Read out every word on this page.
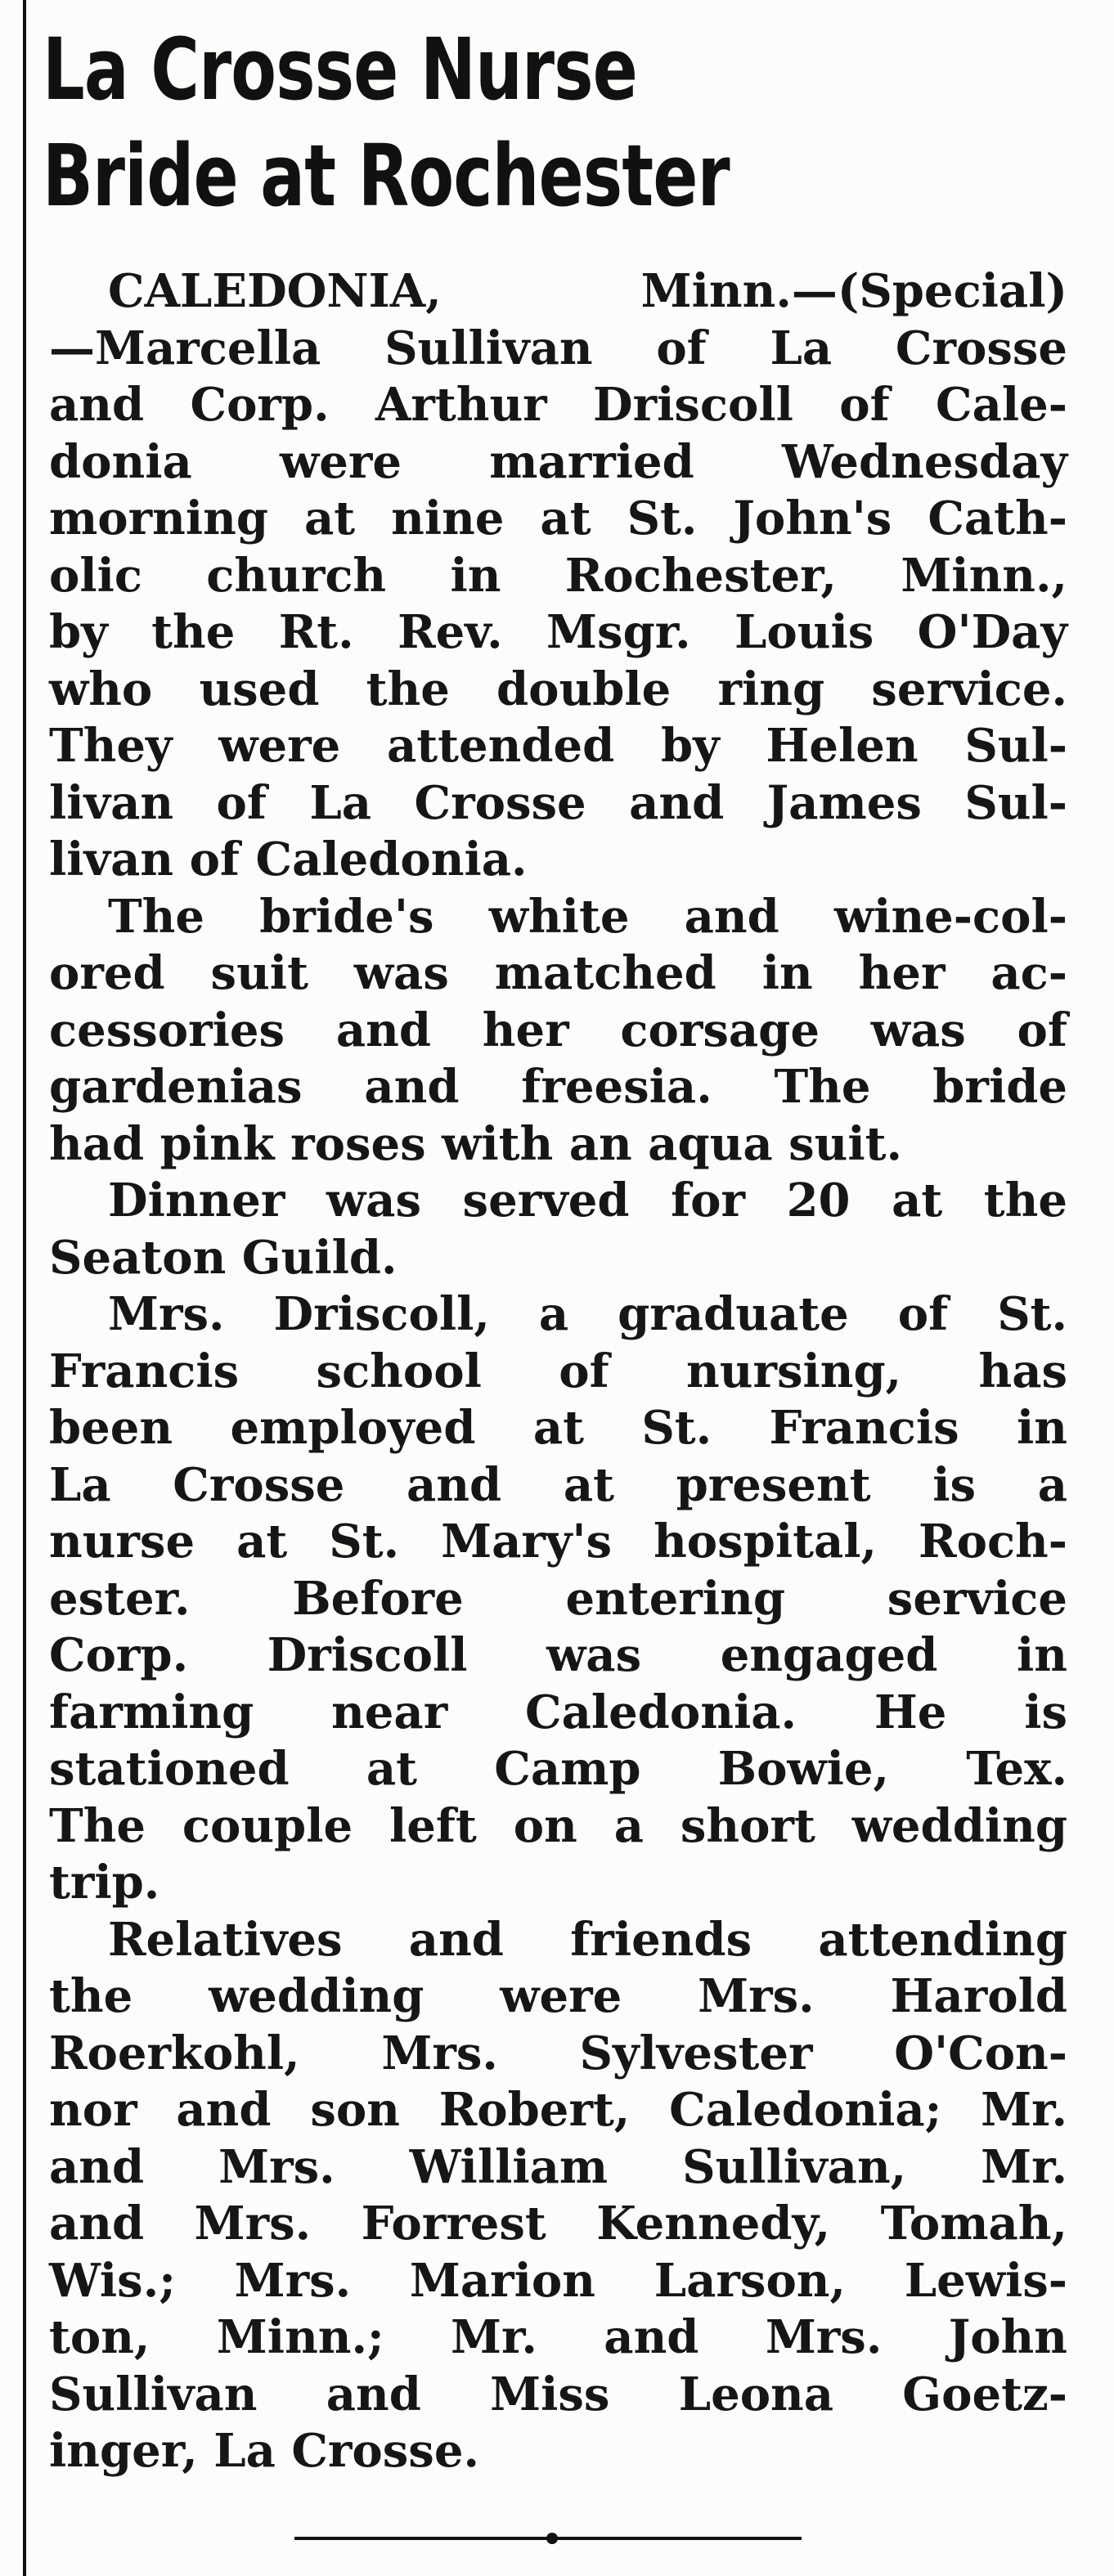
La Crosse Nurse
Bride at Rochester
CALEDONIA, Minn.—(Special)
—Marcella Sullivan of La Crosse
and Corp. Arthur Driscoll of Cale-
donia were married Wednesday
morning at nine at St. John's Cath-
olic church in Rochester, Minn.,
by the Rt. Rev. Msgr. Louis O'Day
who used the double ring service.
They were attended by Helen Sul-
livan of La Crosse and James Sul-
livan of Caledonia.
The bride's white and wine-col-
ored suit was matched in her ac-
cessories and her corsage was of
gardenias and freesia. The bride
had pink roses with an aqua suit.
Dinner was served for 20 at the
Seaton Guild.
Mrs. Driscoll, a graduate of St.
Francis school of nursing, has
been employed at St. Francis in
La Crosse and at present is a
nurse at St. Mary's hospital, Roch-
ester. Before entering service
Corp. Driscoll was engaged in
farming near Caledonia. He is
stationed at Camp Bowie, Tex.
The couple left on a short wedding
trip.
Relatives and friends attending
the wedding were Mrs. Harold
Roerkohl, Mrs. Sylvester O'Con-
nor and son Robert, Caledonia; Mr.
and Mrs. William Sullivan, Mr.
and Mrs. Forrest Kennedy, Tomah,
Wis.; Mrs. Marion Larson, Lewis-
ton, Minn.; Mr. and Mrs. John
Sullivan and Miss Leona Goetz-
inger, La Crosse.
